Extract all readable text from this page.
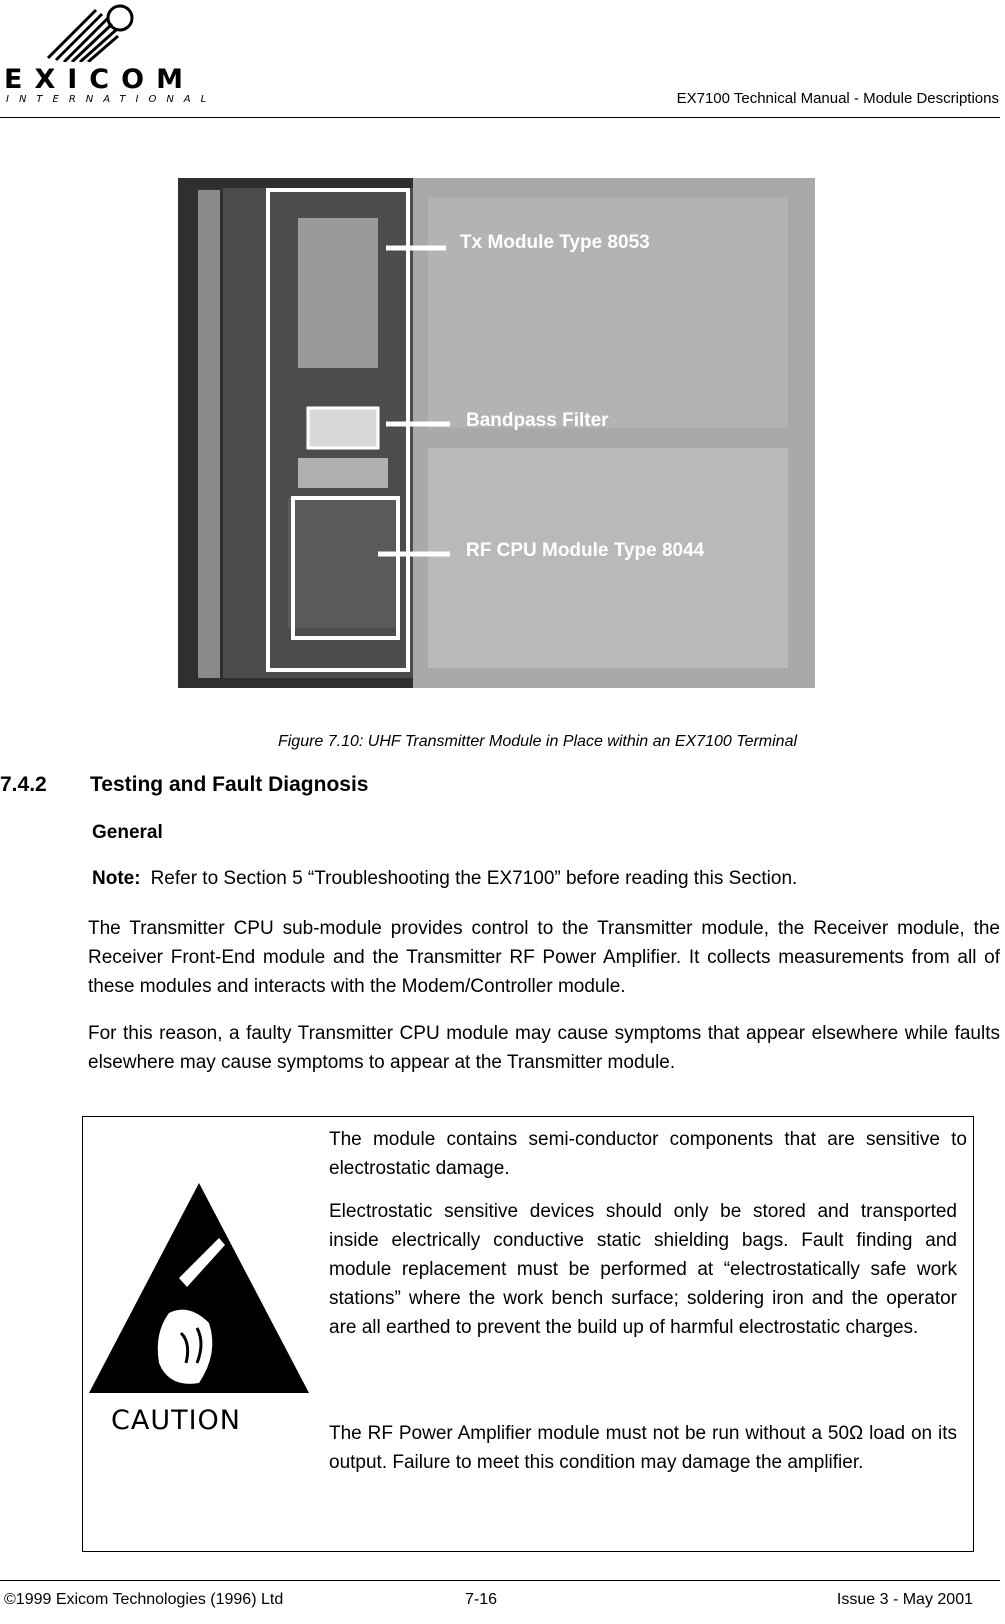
EXICOM
INTERNATIONAL	EX7100 Technical Manual - Module Descriptions
Tx Module Type 8053
Bandpass Filter
RF CPU Module Type 8044
Figure 7.10: UHF Transmitter Module in Place within an EX7100 Terminal
7.4.2 Testing and Fault Diagnosis
General
Note: Refer to Section 5 “Troubleshooting the EX7100” before reading this Section.
The Transmitter CPU sub-module provides control to the Transmitter module, the Receiver module, the Receiver Front-End module and the Transmitter RF Power Amplifier. It collects measurements from all of these modules and interacts with the Modem/Controller module.
For this reason, a faulty Transmitter CPU module may cause symptoms that appear elsewhere while faults elsewhere may cause symptoms to appear at the Transmitter module.
CAUTION
The module contains semi-conductor components that are sensitive to electrostatic damage.
Electrostatic sensitive devices should only be stored and transported inside electrically conductive static shielding bags. Fault finding and module replacement must be performed at “electrostatically safe work stations” where the work bench surface; soldering iron and the operator are all earthed to prevent the build up of harmful electrostatic charges.
The RF Power Amplifier module must not be run without a 50Ω load on its output. Failure to meet this condition may damage the amplifier.
©1999 Exicom Technologies (1996) Ltd	7-16	Issue 3 - May 2001
